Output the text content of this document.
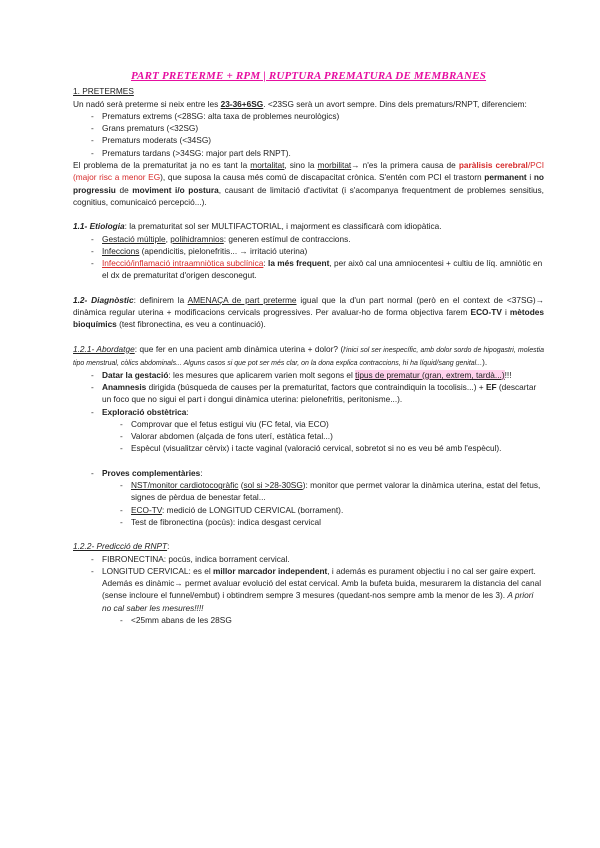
PART PRETERME + RPM | RUPTURA PREMATURA DE MEMBRANES
1. PRETERMES

Un nadó serà preterme si neix entre les 23-36+6SG. <23SG serà un avort sempre. Dins dels prematurs/RNPT, diferenciem:

- Prematurs extrems (<28SG: alta taxa de problemes neurològics)
- Grans prematurs (<32SG)
- Prematurs moderats (<34SG)
- Prematurs tardans (>34SG: major part dels RNPT).

El problema de la prematuritat ja no es tant la mortalitat, sino la morbilitat→ n'es la primera causa de paràlisis cerebral/PCI (major risc a menor EG), que suposa la causa més comú de discapacitat crònica. S'entén com PCI el trastorn permanent i no progressiu de moviment i/o postura, causant de limitació d'activitat (i s'acompanya frequentment de problemes sensitius, cognitius, comunicaicó percepció...).

1.1- Etiologia: la prematuritat sol ser MULTIFACTORIAL, i majorment es classificarà com idiopàtica.

- Gestació múltiple, polihidramnios: generen estímul de contraccions.
- Infeccions (apendicitis, pielonefritis... → irritació uterina)
- Infecció/inflamació intraamniòtica subclínica: la més frequent, per això cal una amniocentesi + cultiu de líq. amniòtic en el dx de prematuritat d'origen desconegut.

1.2- Diagnòstic: definirem la AMENAÇA de part preterme igual que la d'un part normal (però en el context de <37SG)→ dinàmica regular uterina + modificacions cervicals progressives. Per avaluar-ho de forma objectiva farem ECO-TV i mètodes bioquímics (test fibronectina, es veu a continuació).

1.2.1- Abordatge: que fer en una pacient amb dinàmica uterina + dolor? (l'inici sol ser inespecífic, amb dolor sordo de hipogastri, molestia tipo menstrual, còlics abdominals... Alguns casos si que pot ser més clar, on la dona explica contraccions, hi ha líquid/sang genital...).

- Datar la gestació: les mesures que aplicarem varien molt segons el tipus de prematur (gran, extrem, tardà...)!!!
- Anamnesis dirigida (búsqueda de causes per la prematuritat, factors que contraindiquin la tocolisis...) + EF (descartar un foco que no sigui el part i dongui dinàmica uterina: pielonefritis, peritonisme...).
- Exploració obstètrica:
- Comprovar que el fetus estigui viu (FC fetal, via ECO)
- Valorar abdomen (alçada de fons uterí, estàtica fetal...)
- Espècul (visualitzar cèrvix) i tacte vaginal (valoració cervical, sobretot si no es veu bé amb l'espècul).
- Proves complementàries:
- NST/monitor cardiotocogràfic (sol si >28-30SG): monitor que permet valorar la dinàmica uterina, estat del fetus, signes de pèrdua de benestar fetal...
- ECO-TV: medició de LONGITUD CERVICAL (borrament).
- Test de fibronectina (pocús): indica desgast cervical

1.2.2- Predicció de RNPT:

- FIBRONECTINA: pocús, indica borrament cervical.
- LONGITUD CERVICAL: es el millor marcador independent, i además es purament objectiu i no cal ser gaire expert. Además es dinàmic→ permet avaluar evolució del estat cervical. Amb la bufeta buida, mesurarem la distancia del canal (sense incloure el funnel/embut) i obtindrem sempre 3 mesures (quedant-nos sempre amb la menor de les 3). A priori no cal saber les mesures!!!!
- <25mm abans de les 28SG
